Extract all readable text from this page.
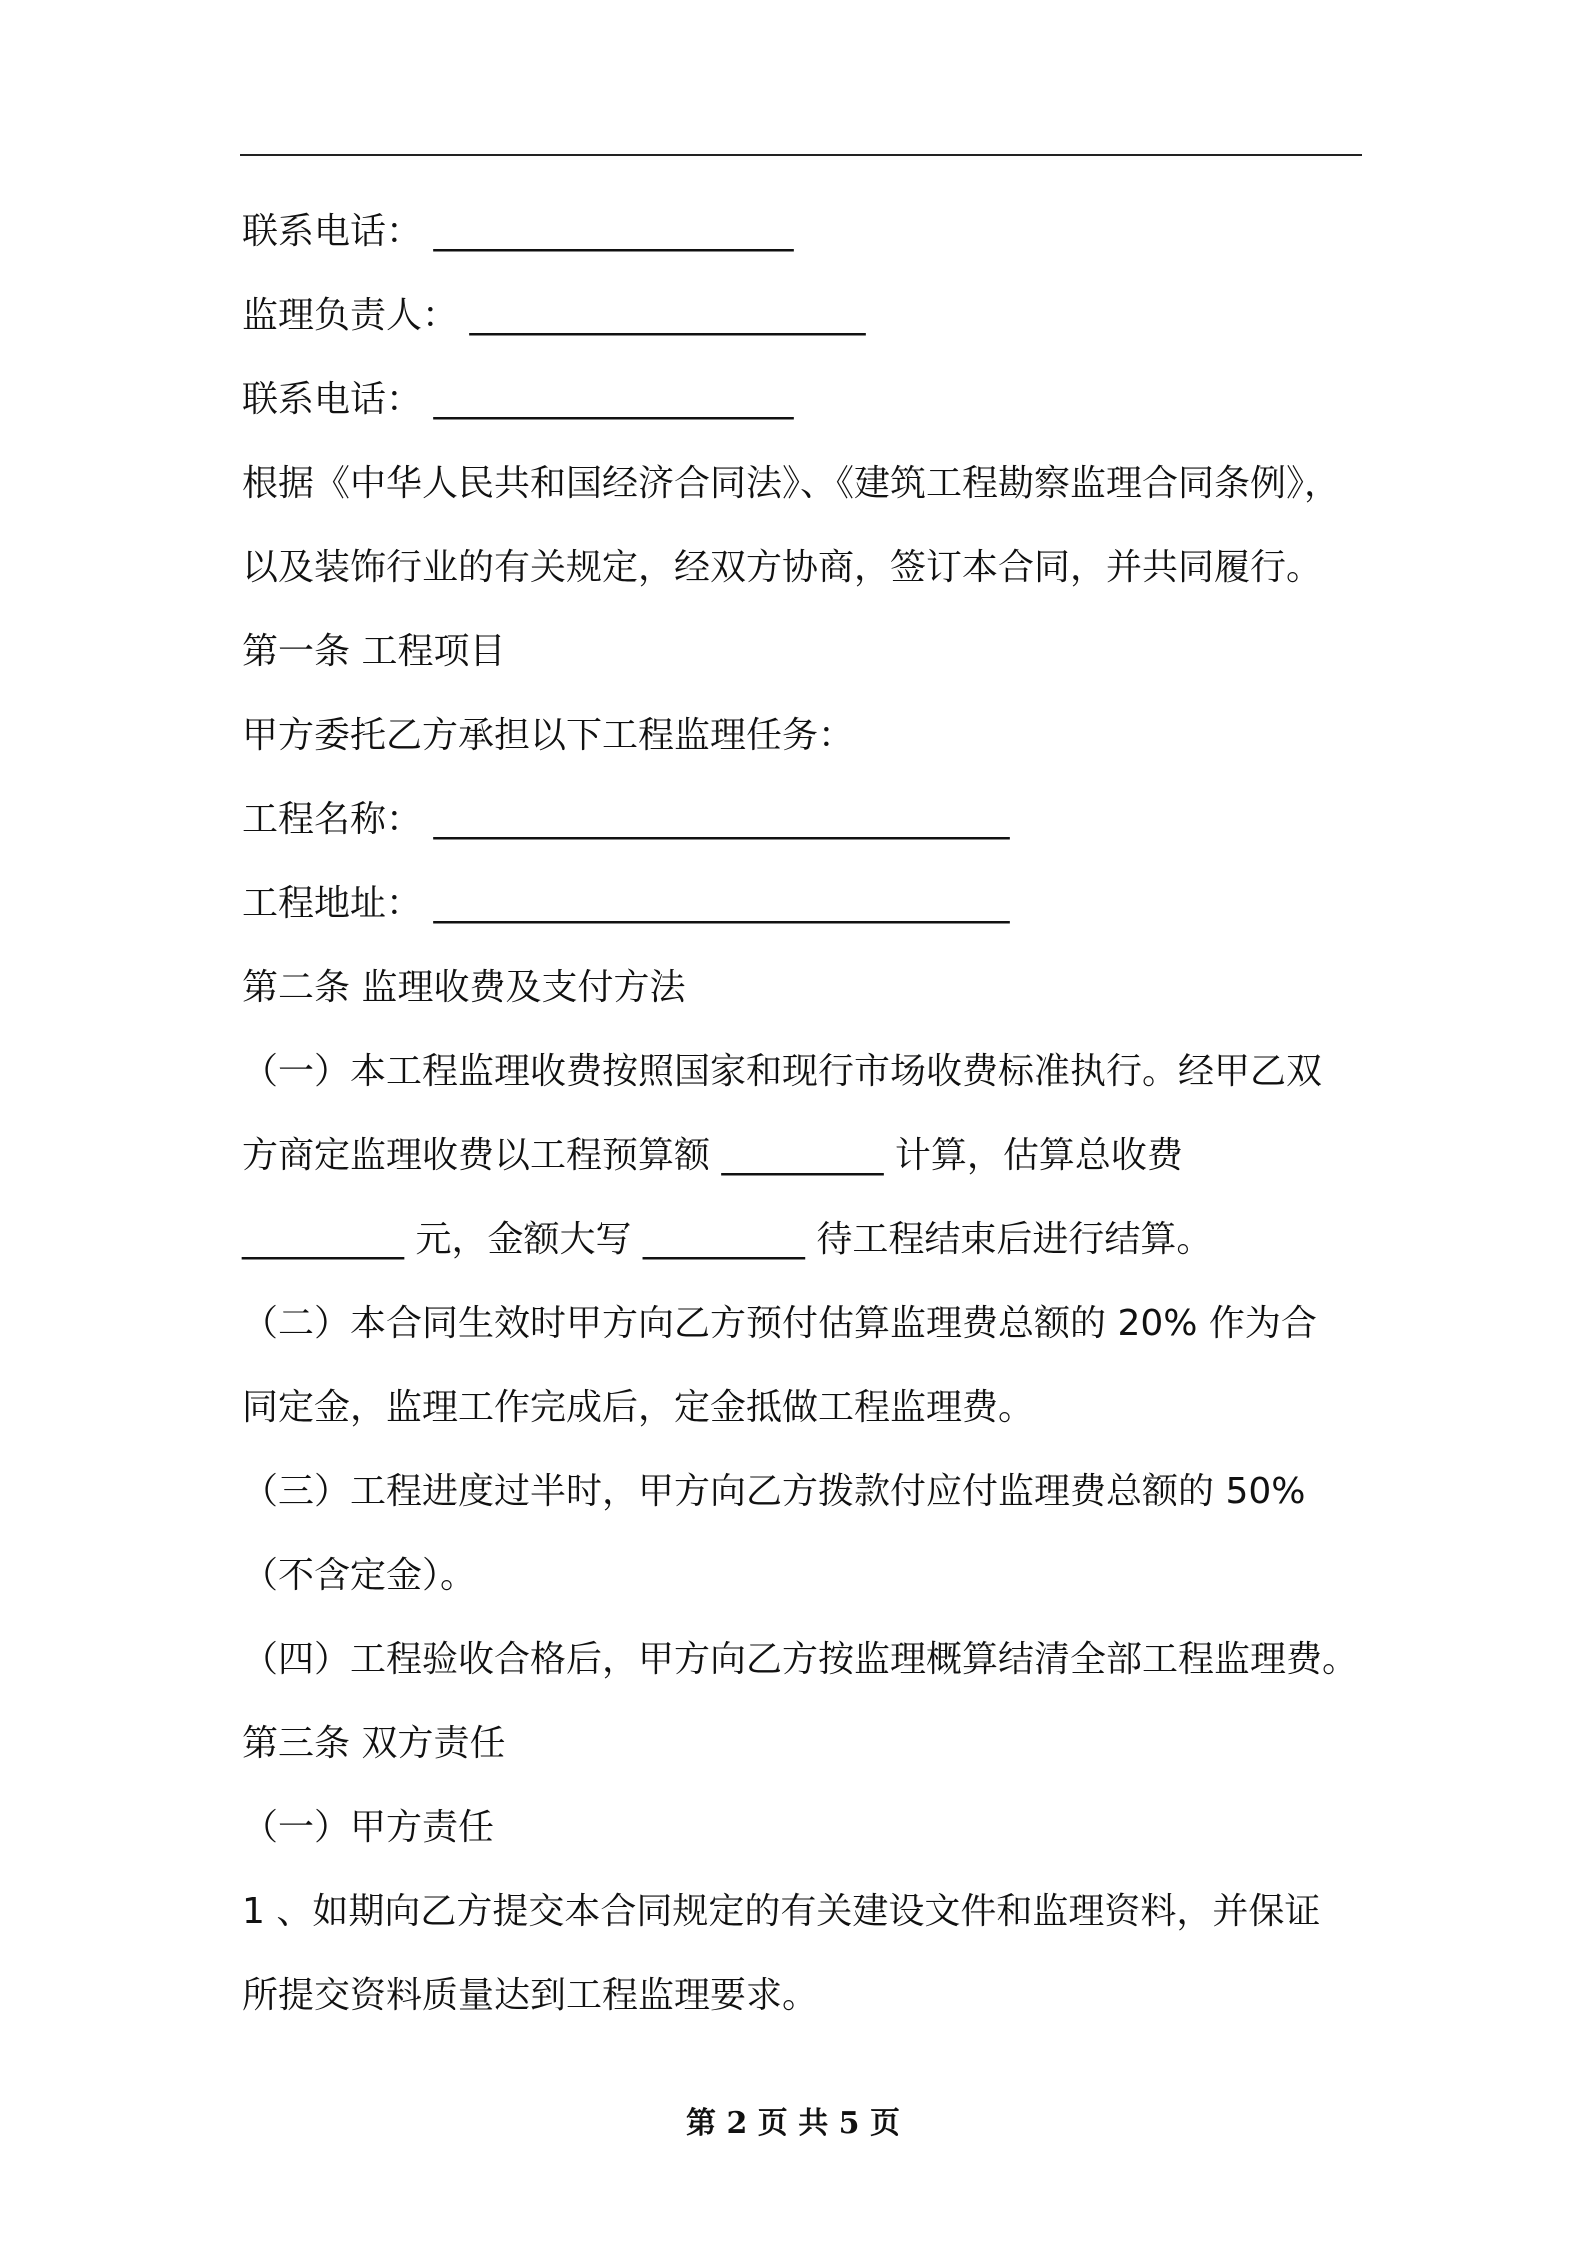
联系电话： ____________________
监理负责人： ______________________
联系电话： ____________________
根据《中华人民共和国经济合同法》、《建筑工程勘察监理合同条例》，
以及装饰行业的有关规定，经双方协商，签订本合同，并共同履行。
第一条 工程项目
甲方委托乙方承担以下工程监理任务：
工程名称： ________________________________
工程地址： ________________________________
第二条 监理收费及支付方法
（一）本工程监理收费按照国家和现行市场收费标准执行。经甲乙双
方商定监理收费以工程预算额 _________ 计算，估算总收费
_________ 元，金额大写 _________ 待工程结束后进行结算。
（二）本合同生效时甲方向乙方预付估算监理费总额的 20% 作为合
同定金，监理工作完成后，定金抵做工程监理费。
（三）工程进度过半时，甲方向乙方拨款付应付监理费总额的 50%
（不含定金）。
（四）工程验收合格后，甲方向乙方按监理概算结清全部工程监理费。
第三条 双方责任
（一）甲方责任
1 、如期向乙方提交本合同规定的有关建设文件和监理资料，并保证
所提交资料质量达到工程监理要求。
第 2 页 共 5 页
